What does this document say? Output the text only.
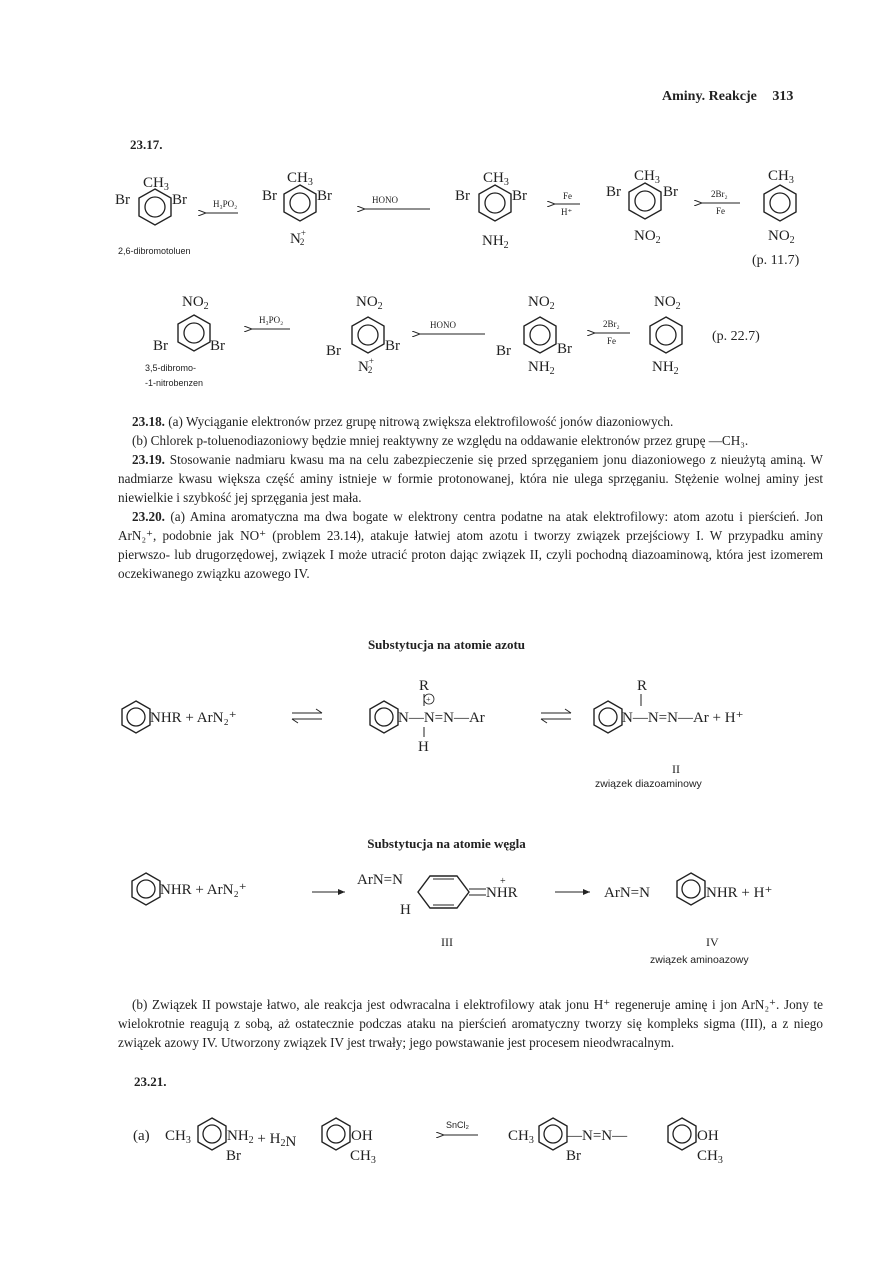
Aminy. Reakcje 313
23.17.
$CH_3$
Br	Br
2,6-dibromotoluen
H₃PO₂
$CH_3$
Br	Br
N+ 2
HONO
$CH_3$
Br	Br
$NH_2$
Fe
H⁺
$CH_3$
Br	Br
$NO_2$
2Br₂
Fe
$CH_3$
$NO_2$
(p. 11.7)
$NO_2$
Br	Br
3,5-dibromo-
-1-nitrobenzen
H₃PO₂
$NO_2$
Br	Br
N+ 2
HONO
$NO_2$
Br	Br
$NH_2$
2Br₂
Fe
$NO_2$
$NH_2$
(p. 22.7)
NHR + ArN₂⁺
R
+
N—N=N—Ar
H
R
N—N=N—Ar + H⁺
NHR + ArN₂⁺
ArN=N
H
+
NHR	ArN=N	NHR + H⁺
(a) $CH_3$ $NH_2 + H_2N$
Br
OH
$CH_3$
SnCl₂
$CH_3$ —N=N—
Br
OH
$CH_3$

23.18. (a) Wyciąganie elektronów przez grupę nitrową zwiększa elektrofilowość jonów diazoniowych.

(b) Chlorek p-toluenodiazoniowy będzie mniej reaktywny ze względu na oddawanie elektronów przez grupę —CH₃.

23.19. Stosowanie nadmiaru kwasu ma na celu zabezpieczenie się przed sprzęganiem jonu diazoniowego z nieużytą aminą. W nadmiarze kwasu większa część aminy istnieje w formie protonowanej, która nie ulega sprzęganiu. Stężenie wolnej aminy jest niewielkie i szybkość jej sprzęgania jest mała.

23.20. (a) Amina aromatyczna ma dwa bogate w elektrony centra podatne na atak elektrofilowy: atom azotu i pierścień. Jon ArN₂⁺, podobnie jak NO⁺ (problem 23.14), atakuje łatwiej atom azotu i tworzy związek przejściowy I. W przypadku aminy pierwszo- lub drugorzędowej, związek I może utracić proton dając związek II, czyli pochodną diazoaminową, która jest izomerem oczekiwanego związku azowego IV.

Substytucja na atomie azotu
II
związek diazoaminowy
Substytucja na atomie węgla
III	IV
związek aminoazowy

(b) Związek II powstaje łatwo, ale reakcja jest odwracalna i elektrofilowy atak jonu H⁺ regeneruje aminę i jon ArN₂⁺. Jony te wielokrotnie reagują z sobą, aż ostatecznie podczas ataku na pierścień aromatyczny tworzy się kompleks sigma (III), a z niego związek azowy IV. Utworzony związek IV jest trwały; jego powstawanie jest procesem nieodwracalnym.

23.21.
